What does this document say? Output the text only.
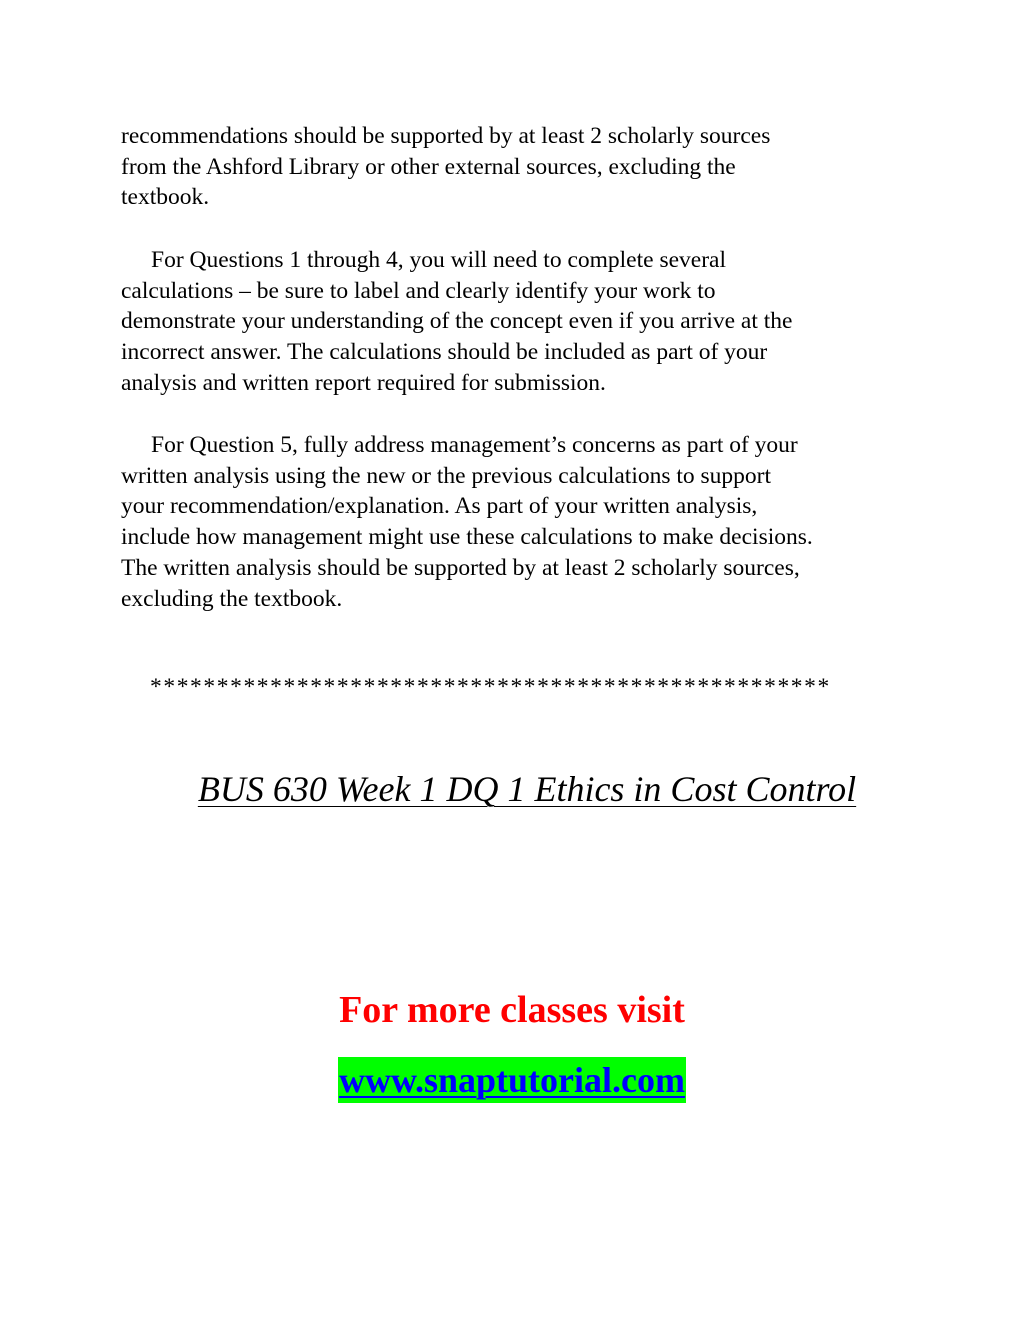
recommendations should be supported by at least 2 scholarly sources
from the Ashford Library or other external sources, excluding the
textbook.

For Questions 1 through 4, you will need to complete several
calculations – be sure to label and clearly identify your work to
demonstrate your understanding of the concept even if you arrive at the
incorrect answer. The calculations should be included as part of your
analysis and written report required for submission.

For Question 5, fully address management’s concerns as part of your
written analysis using the new or the previous calculations to support
your recommendation/explanation. As part of your written analysis,
include how management might use these calculations to make decisions.
The written analysis should be supported by at least 2 scholarly sources,
excluding the textbook.

***************************************************
BUS 630 Week 1 DQ 1 Ethics in Cost Control
For more classes visit
www.snaptutorial.com
